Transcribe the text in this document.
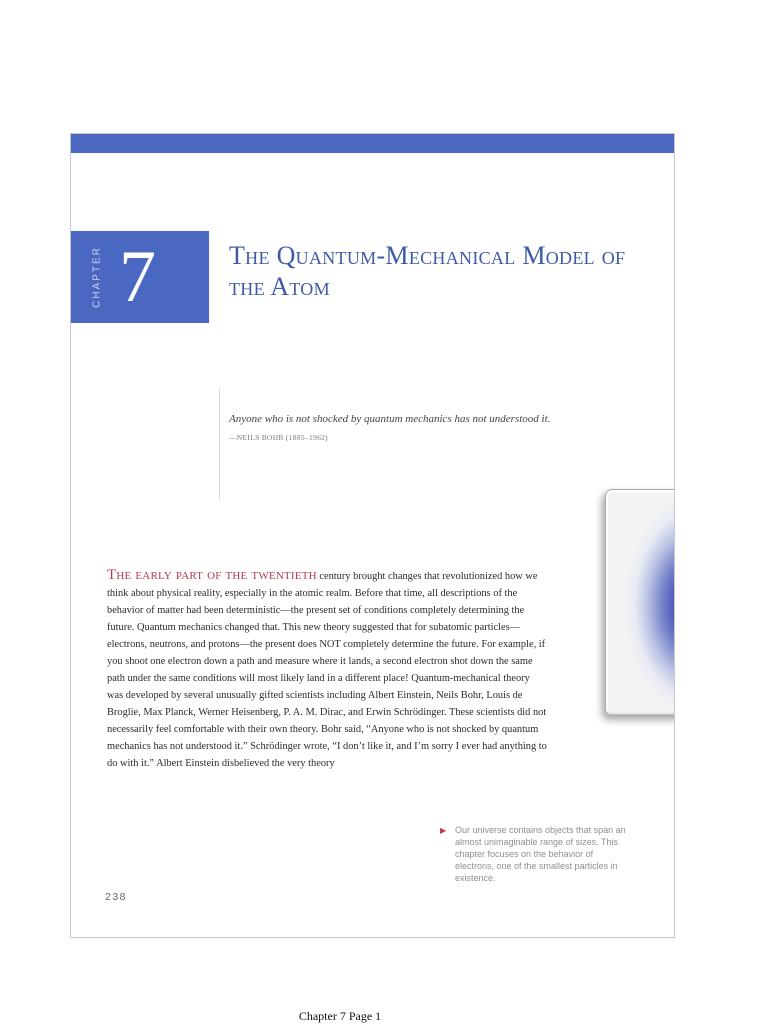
CHAPTER 7	The Quantum-Mechanical Model of the Atom
Anyone who is not shocked by quantum mechanics has not understood it.
—NEILS BOHR (1885–1962)

The early part of the twentieth century brought changes that revolutionized how we think about physical reality, especially in the atomic realm. Before that time, all descriptions of the behavior of matter had been deterministic—the present set of conditions completely determining the future. Quantum mechanics changed that. This new theory suggested that for subatomic particles—electrons, neutrons, and protons—the present does NOT completely determine the future. For example, if you shoot one electron down a path and measure where it lands, a second electron shot down the same path under the same conditions will most likely land in a different place! Quantum-mechanical theory was developed by several unusually gifted scientists including Albert Einstein, Neils Bohr, Louis de Broglie, Max Planck, Werner Heisenberg, P. A. M. Dirac, and Erwin Schrödinger. These scientists did not necessarily feel comfortable with their own theory. Bohr said, “Anyone who is not shocked by quantum mechanics has not understood it.” Schrödinger wrote, “I don’t like it, and I’m sorry I ever had anything to do with it.” Albert Einstein disbelieved the very theory

▶ Our universe contains objects that span an almost unimaginable range of sizes. This chapter focuses on the behavior of electrons, one of the smallest particles in existence.

238
Chapter 7 Page 1
